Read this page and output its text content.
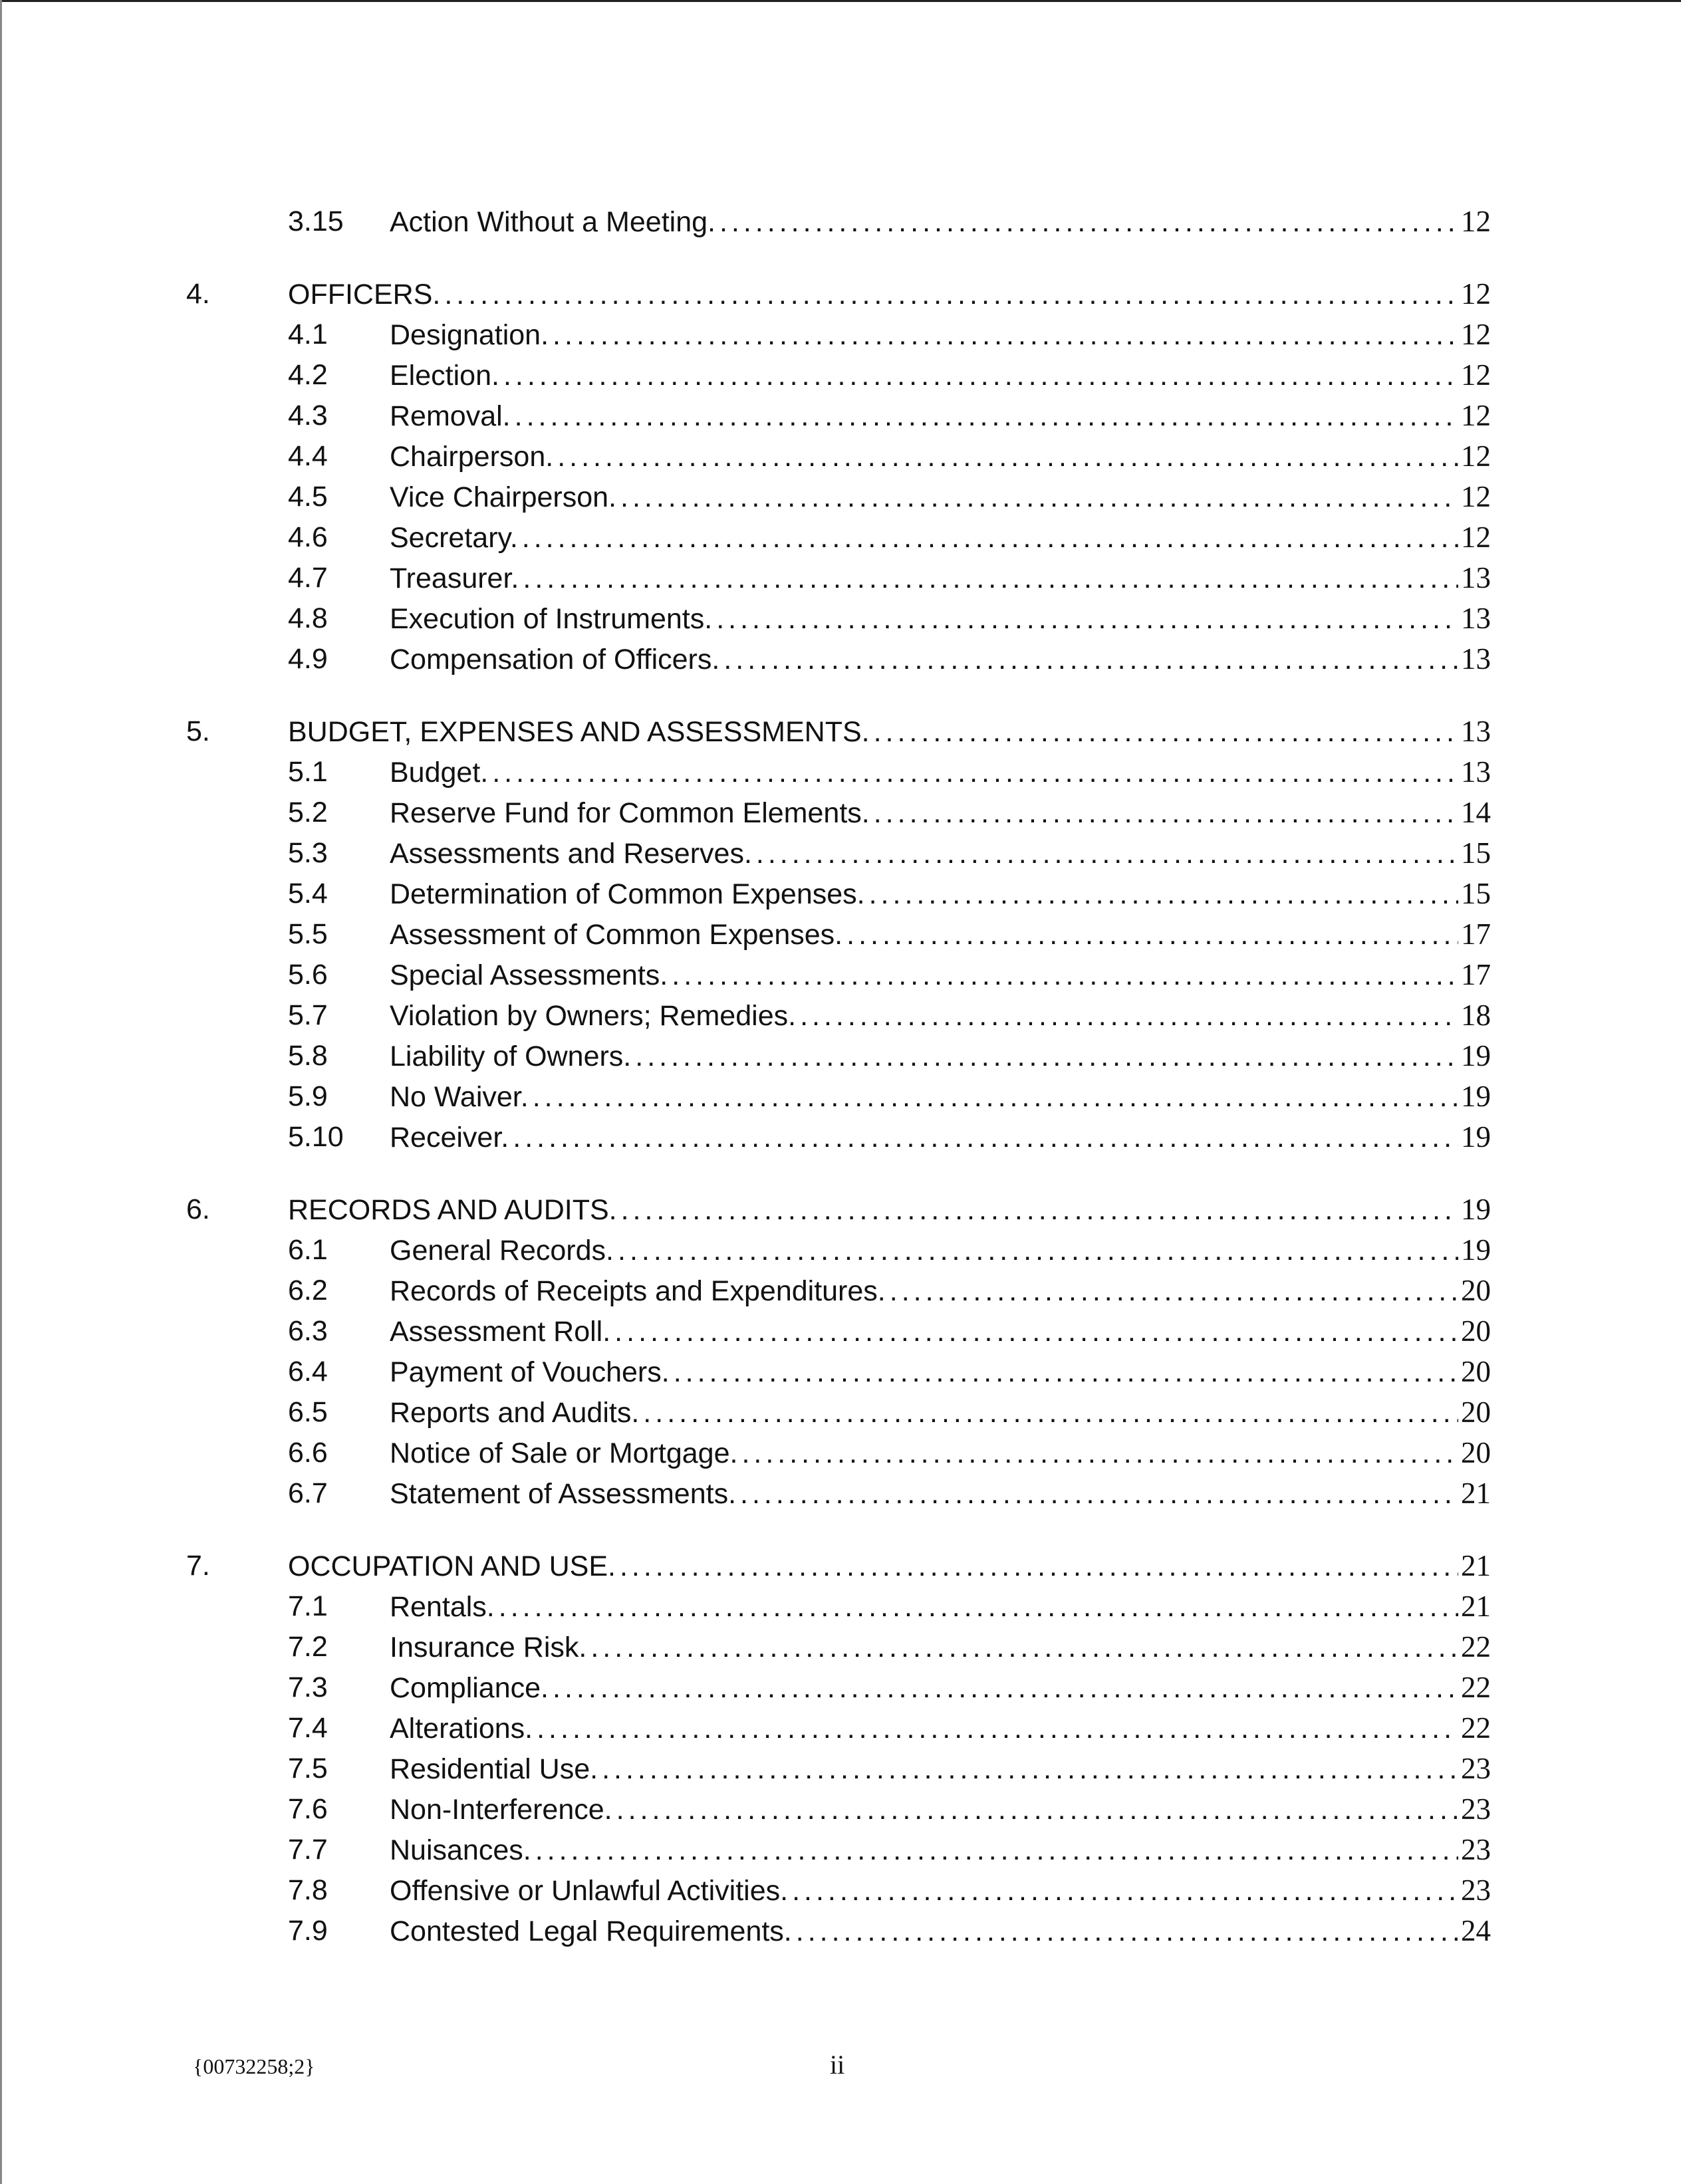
3.15 Action Without a Meeting. .....	12
4.	OFFICERS. .....	12
4.1 Designation. .....	12
4.2 Election. .....	12
4.3 Removal. .....	12
4.4 Chairperson. .....	12
4.5 Vice Chairperson. .....	12
4.6 Secretary. .....	12
4.7 Treasurer. .....	13
4.8 Execution of Instruments. .....	13
4.9 Compensation of Officers. .....	13
5.	BUDGET, EXPENSES AND ASSESSMENTS. .....	13
5.1 Budget. .....	13
5.2 Reserve Fund for Common Elements. .....	14
5.3 Assessments and Reserves. .....	15
5.4 Determination of Common Expenses. .....	15
5.5 Assessment of Common Expenses. .....	17
5.6 Special Assessments. .....	17
5.7 Violation by Owners; Remedies. .....	18
5.8 Liability of Owners. .....	19
5.9 No Waiver. .....	19
5.10 Receiver. .....	19
6.	RECORDS AND AUDITS. .....	19
6.1 General Records. .....	19
6.2 Records of Receipts and Expenditures. .....	20
6.3 Assessment Roll. .....	20
6.4 Payment of Vouchers. .....	20
6.5 Reports and Audits. .....	20
6.6 Notice of Sale or Mortgage. .....	20
6.7 Statement of Assessments. .....	21
7.	OCCUPATION AND USE. .....	21
7.1 Rentals. .....	21
7.2 Insurance Risk. .....	22
7.3 Compliance. .....	22
7.4 Alterations. .....	22
7.5 Residential Use. .....	23
7.6 Non-Interference. .....	23
7.7 Nuisances. .....	23
7.8 Offensive or Unlawful Activities. .....	23
7.9 Contested Legal Requirements. .....	24
{00732258;2}	ii
